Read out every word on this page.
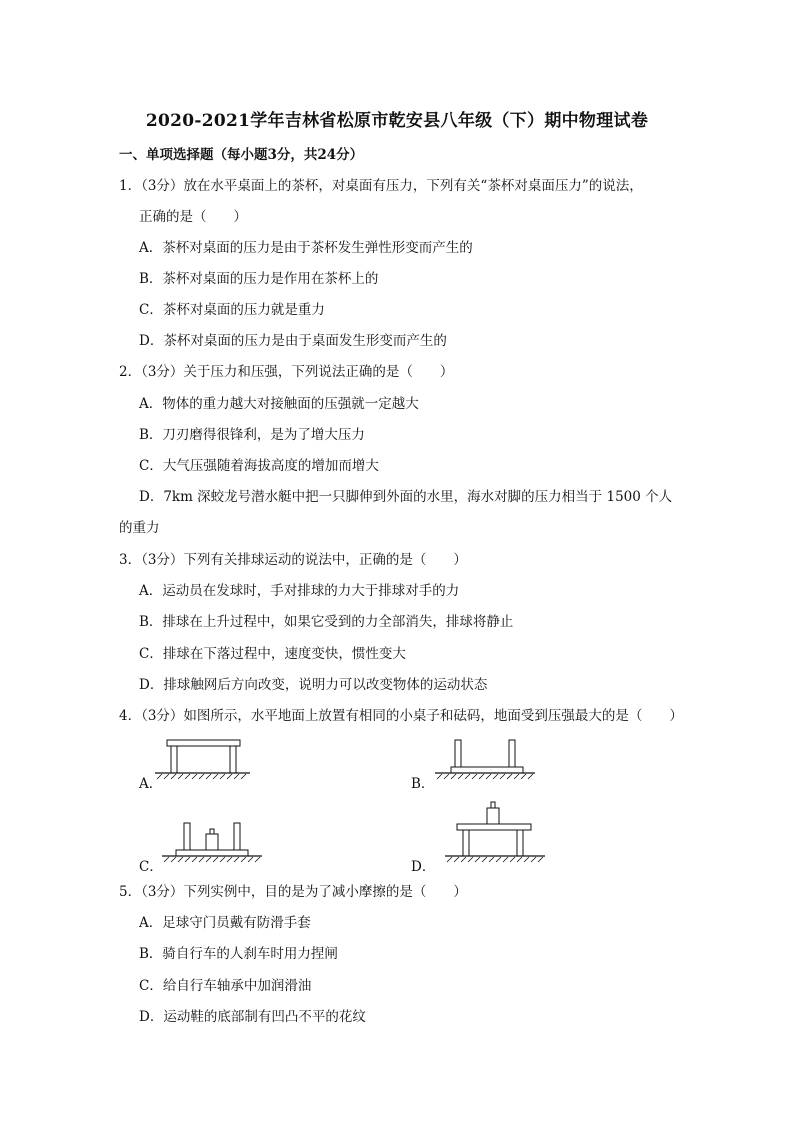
2020-2021学年吉林省松原市乾安县八年级（下）期中物理试卷
一、单项选择题（每小题3分，共24分）
1．（3分）放在水平桌面上的茶杯，对桌面有压力，下列有关“茶杯对桌面压力”的说法，
正确的是（　　）
A．茶杯对桌面的压力是由于茶杯发生弹性形变而产生的
B．茶杯对桌面的压力是作用在茶杯上的
C．茶杯对桌面的压力就是重力
D．茶杯对桌面的压力是由于桌面发生形变而产生的
2．（3分）关于压力和压强，下列说法正确的是（　　）
A．物体的重力越大对接触面的压强就一定越大
B．刀刃磨得很锋利，是为了增大压力
C．大气压强随着海拔高度的增加而增大
D．7km 深蛟龙号潜水艇中把一只脚伸到外面的水里，海水对脚的压力相当于 1500 个人
的重力
3．（3分）下列有关排球运动的说法中，正确的是（　　）
A．运动员在发球时，手对排球的力大于排球对手的力
B．排球在上升过程中，如果它受到的力全部消失，排球将静止
C．排球在下落过程中，速度变快，惯性变大
D．排球触网后方向改变，说明力可以改变物体的运动状态
4．（3分）如图所示，水平地面上放置有相同的小桌子和砝码，地面受到压强最大的是（　　）
A．	B．
C．	D．
5．（3分）下列实例中，目的是为了减小摩擦的是（　　）
A．足球守门员戴有防滑手套
B．骑自行车的人刹车时用力捏闸
C．给自行车轴承中加润滑油
D．运动鞋的底部制有凹凸不平的花纹
